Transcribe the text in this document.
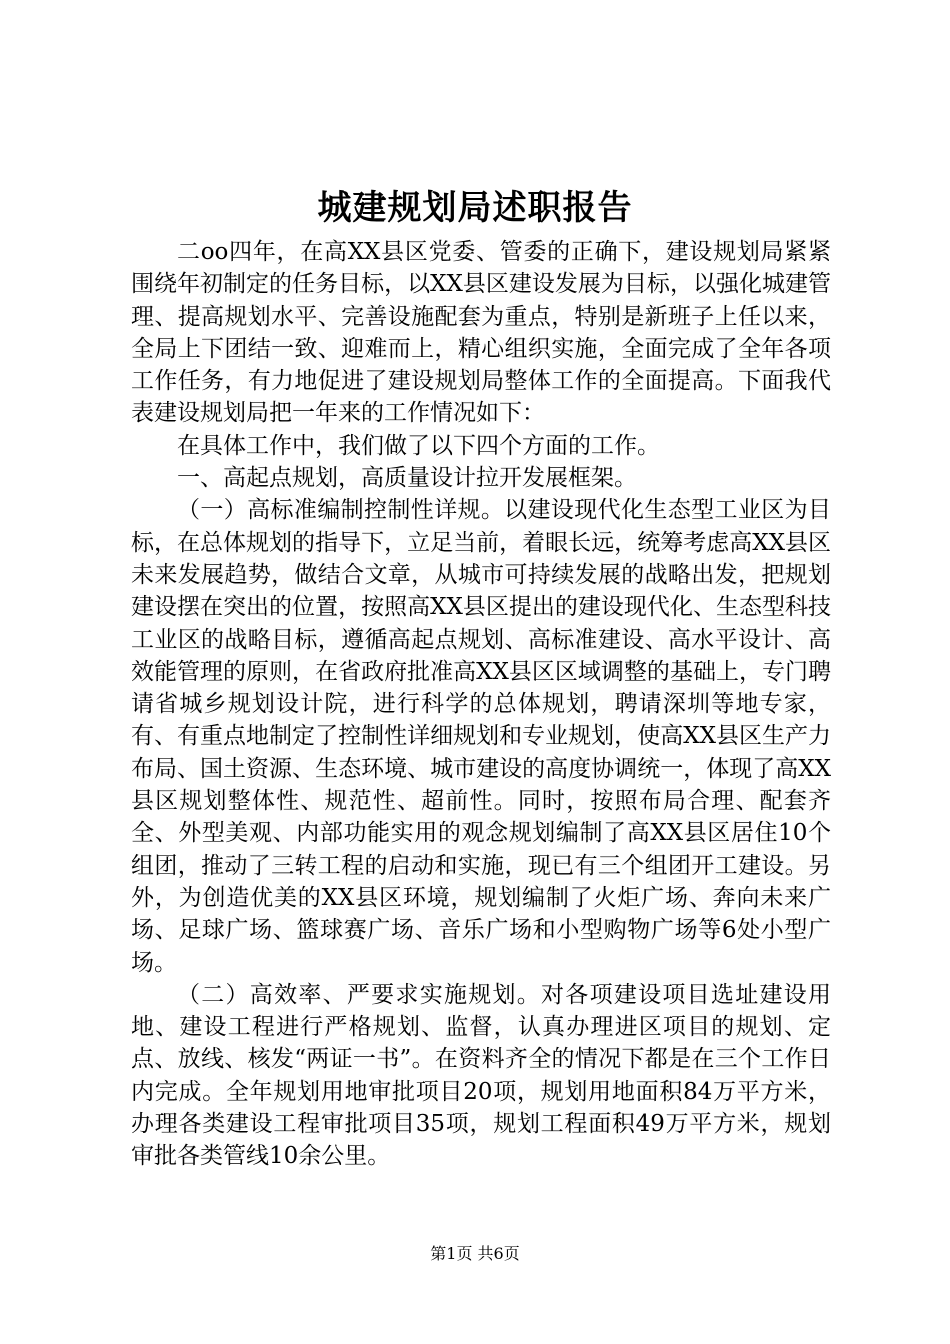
城建规划局述职报告

二oo四年，在高XX县区党委、管委的正确下，建设规划局紧紧围绕年初制定的任务目标，以XX县区建设发展为目标，以强化城建管理、提高规划水平、完善设施配套为重点，特别是新班子上任以来，全局上下团结一致、迎难而上，精心组织实施，全面完成了全年各项工作任务，有力地促进了建设规划局整体工作的全面提高。下面我代表建设规划局把一年来的工作情况如下：

在具体工作中，我们做了以下四个方面的工作。

一、高起点规划，高质量设计拉开发展框架。

（一）高标准编制控制性详规。以建设现代化生态型工业区为目标，在总体规划的指导下，立足当前，着眼长远，统筹考虑高XX县区未来发展趋势，做结合文章，从城市可持续发展的战略出发，把规划建设摆在突出的位置，按照高XX县区提出的建设现代化、生态型科技工业区的战略目标，遵循高起点规划、高标准建设、高水平设计、高效能管理的原则，在省政府批准高XX县区区域调整的基础上，专门聘请省城乡规划设计院，进行科学的总体规划，聘请深圳等地专家，有、有重点地制定了控制性详细规划和专业规划，使高XX县区生产力布局、国土资源、生态环境、城市建设的高度协调统一，体现了高XX县区规划整体性、规范性、超前性。同时，按照布局合理、配套齐全、外型美观、内部功能实用的观念规划编制了高XX县区居住10个组团，推动了三转工程的启动和实施，现已有三个组团开工建设。另外，为创造优美的XX县区环境，规划编制了火炬广场、奔向未来广场、足球广场、篮球赛广场、音乐广场和小型购物广场等6处小型广场。

（二）高效率、严要求实施规划。对各项建设项目选址建设用地、建设工程进行严格规划、监督，认真办理进区项目的规划、定点、放线、核发“两证一书”。在资料齐全的情况下都是在三个工作日内完成。全年规划用地审批项目20项，规划用地面积84万平方米，办理各类建设工程审批项目35项，规划工程面积49万平方米，规划审批各类管线10余公里。

第1页 共6页
